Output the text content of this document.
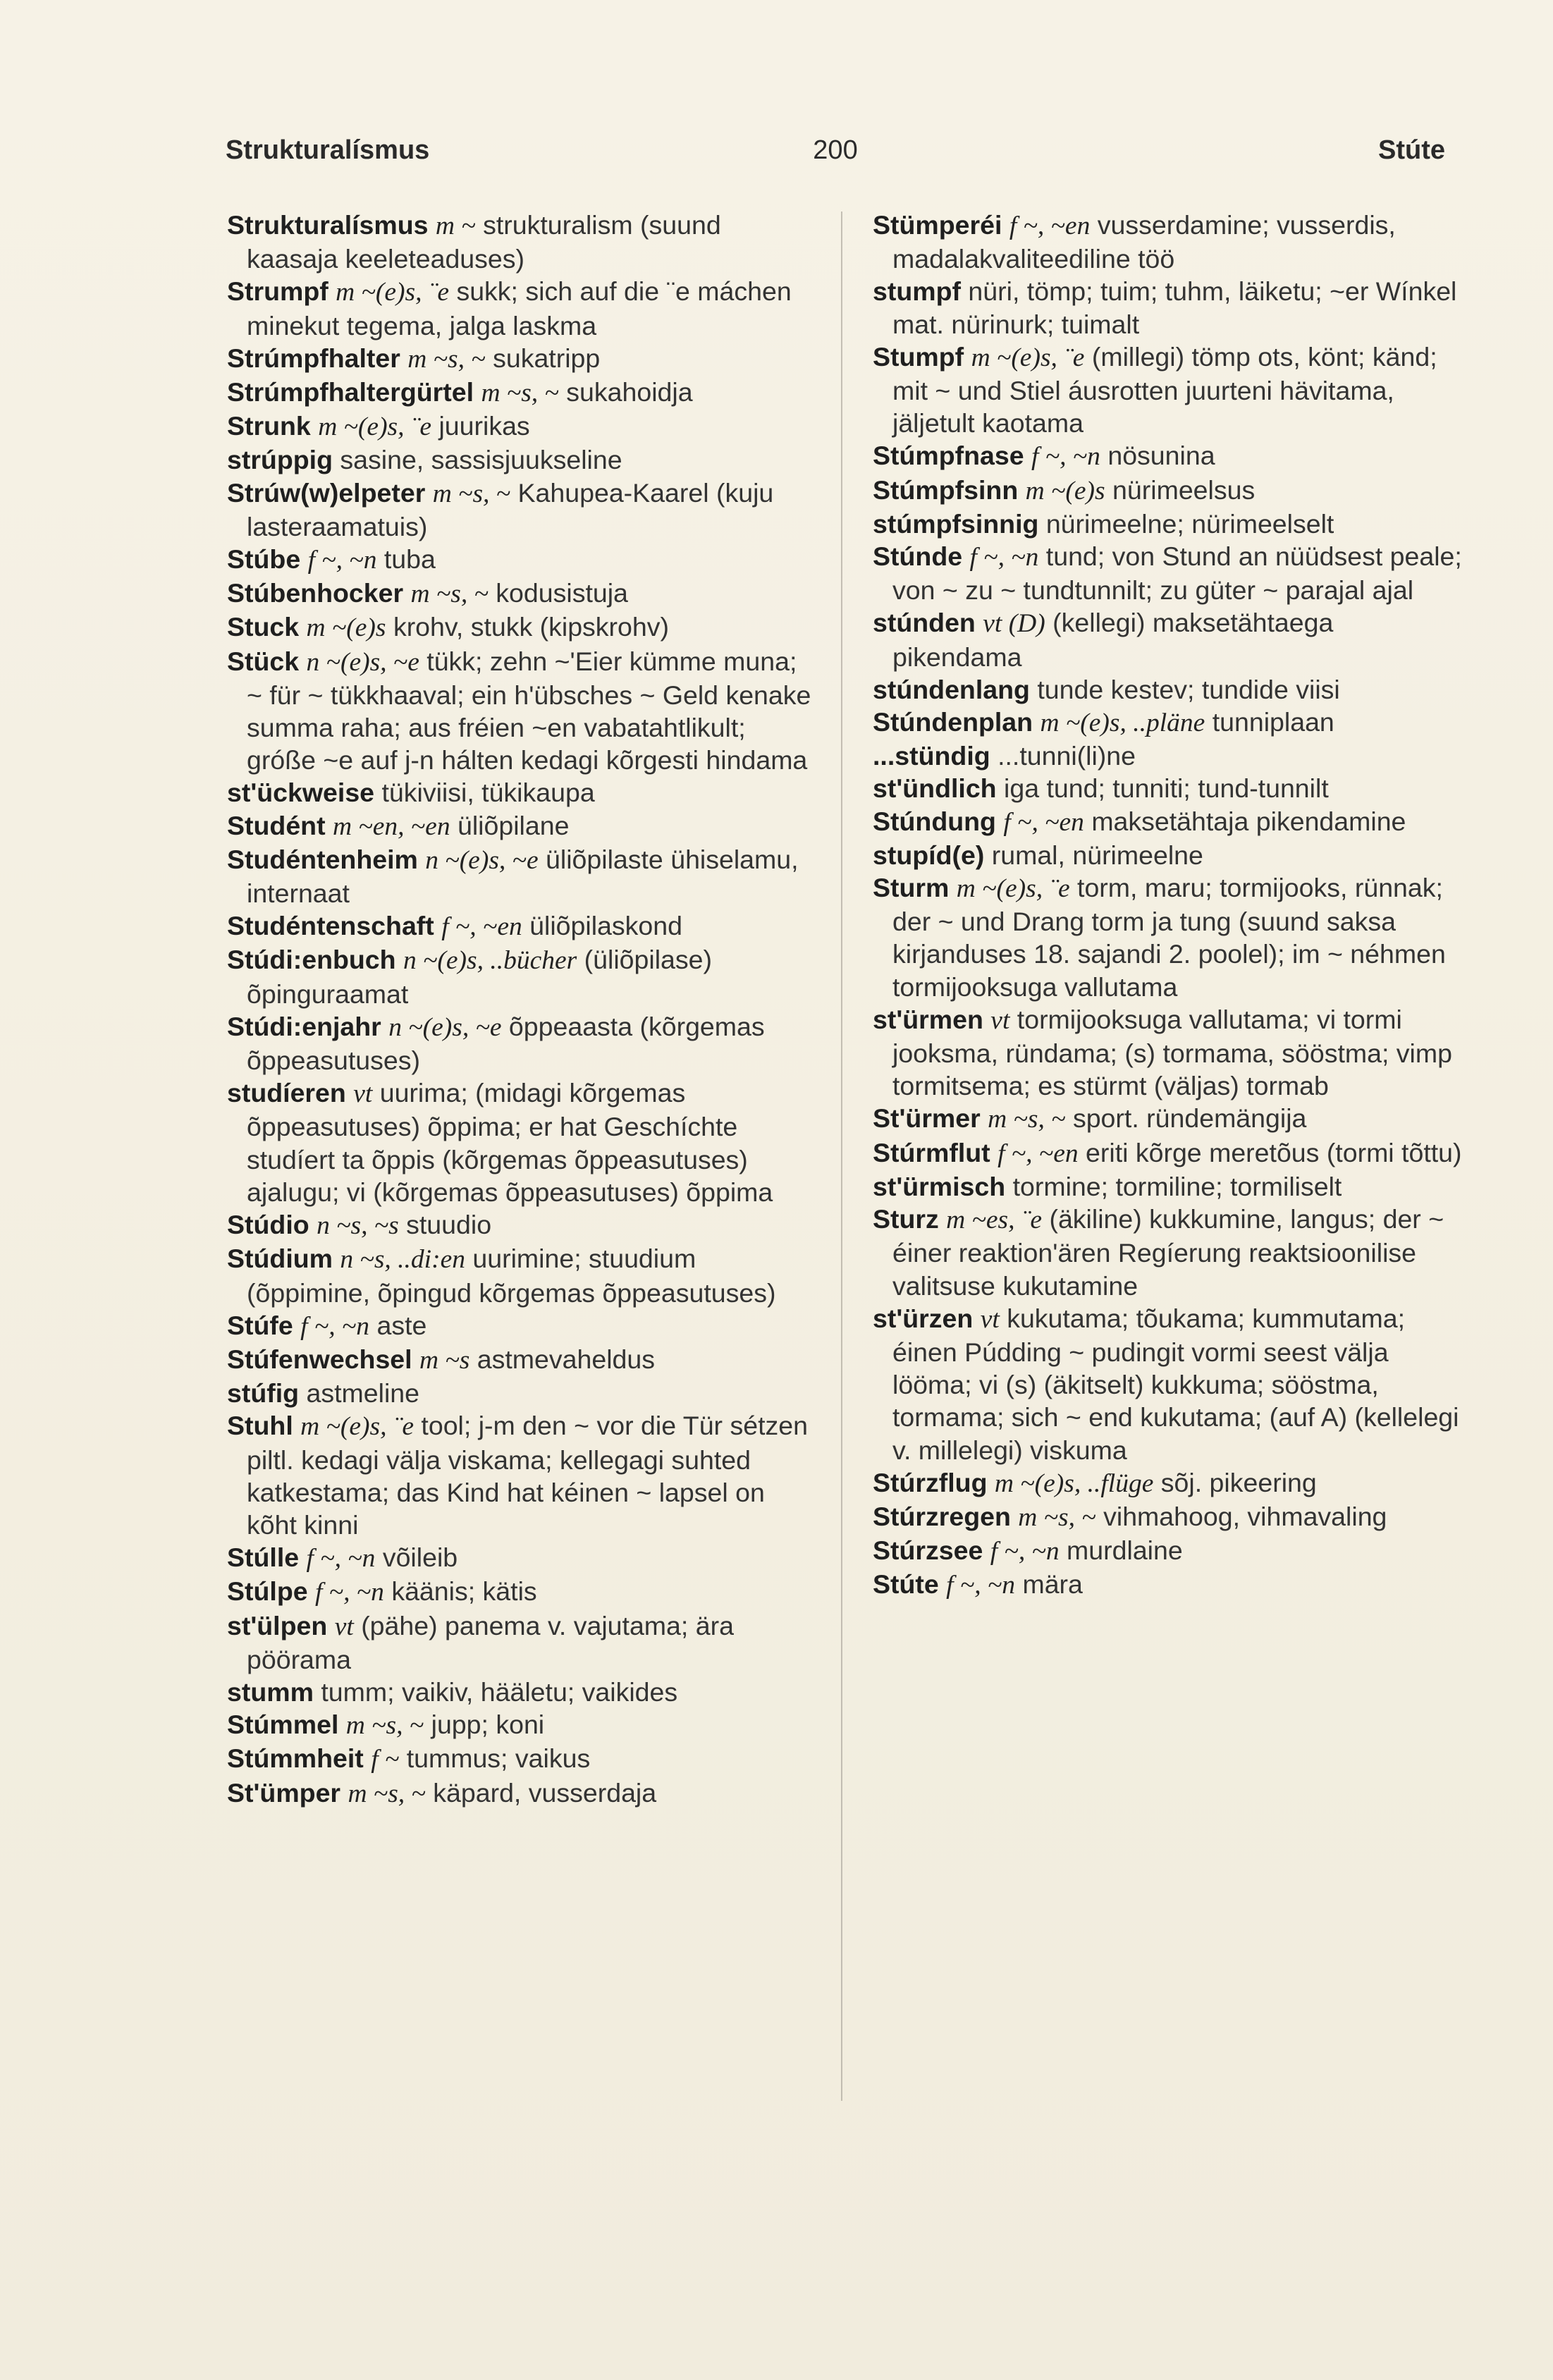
Strukturalísmus	200	Stúte

Strukturalísmus m ~ strukturalism (suund kaasaja keeleteaduses)

Strumpf m ~(e)s, ¨e sukk; sich auf die ¨e máchen minekut tegema, jalga laskma

Strúmpfhalter m ~s, ~ sukatripp

Strúmpfhaltergürtel m ~s, ~ sukahoidja

Strunk m ~(e)s, ¨e juurikas

strúppig sasine, sassisjuukseline

Strúw(w)elpeter m ~s, ~ Kahupea-Kaarel (kuju lasteraamatuis)

Stúbe f ~, ~n tuba

Stúbenhocker m ~s, ~ kodusistuja

Stuck m ~(e)s krohv, stukk (kipskrohv)

Stück n ~(e)s, ~e tükk; zehn ~'Eier kümme muna; ~ für ~ tükkhaaval; ein h'übsches ~ Geld kenake summa raha; aus fréien ~en vabatahtlikult; gróße ~e auf j-n hálten kedagi kõrgesti hindama

st'ückweise tükiviisi, tükikaupa

Studént m ~en, ~en üliõpilane

Studéntenheim n ~(e)s, ~e üliõpilaste ühiselamu, internaat

Studéntenschaft f ~, ~en üliõpilaskond

Stúdi:enbuch n ~(e)s, ..bücher (üliõpilase) õpinguraamat

Stúdi:enjahr n ~(e)s, ~e õppeaasta (kõrgemas õppeasutuses)

studíeren vt uurima; (midagi kõrgemas õppeasutuses) õppima; er hat Geschíchte studíert ta õppis (kõrgemas õppeasutuses) ajalugu; vi (kõrgemas õppeasutuses) õppima

Stúdio n ~s, ~s stuudio

Stúdium n ~s, ..di:en uurimine; stuudium (õppimine, õpingud kõrgemas õppeasutuses)

Stúfe f ~, ~n aste

Stúfenwechsel m ~s astmevaheldus

stúfig astmeline

Stuhl m ~(e)s, ¨e tool; j-m den ~ vor die Tür sétzen piltl. kedagi välja viskama; kellegagi suhted katkestama; das Kind hat kéinen ~ lapsel on kõht kinni

Stúlle f ~, ~n võileib

Stúlpe f ~, ~n käänis; kätis

st'ülpen vt (pähe) panema v. vajutama; ära pöörama

stumm tumm; vaikiv, hääletu; vaikides

Stúmmel m ~s, ~ jupp; koni

Stúmmheit f ~ tummus; vaikus

St'ümper m ~s, ~ käpard, vusserdaja

Stümperéi f ~, ~en vusserdamine; vusserdis, madalakvaliteediline töö

stumpf nüri, tömp; tuim; tuhm, läiketu; ~er Wínkel mat. nürinurk; tuimalt

Stumpf m ~(e)s, ¨e (millegi) tömp ots, könt; känd; mit ~ und Stiel áusrotten juurteni hävitama, jäljetult kaotama

Stúmpfnase f ~, ~n nösunina

Stúmpfsinn m ~(e)s nürimeelsus

stúmpfsinnig nürimeelne; nürimeelselt

Stúnde f ~, ~n tund; von Stund an nüüdsest peale; von ~ zu ~ tundtunnilt; zu güter ~ parajal ajal

stúnden vt (D) (kellegi) maksetähtaega pikendama

stúndenlang tunde kestev; tundide viisi

Stúndenplan m ~(e)s, ..pläne tunniplaan

...stündig ...tunni(li)ne

st'ündlich iga tund; tunniti; tund-tunnilt

Stúndung f ~, ~en maksetähtaja pikendamine

stupíd(e) rumal, nürimeelne

Sturm m ~(e)s, ¨e torm, maru; tormijooks, rünnak; der ~ und Drang torm ja tung (suund saksa kirjanduses 18. sajandi 2. poolel); im ~ néhmen tormijooksuga vallutama

st'ürmen vt tormijooksuga vallutama; vi tormi jooksma, ründama; (s) tormama, sööstma; vimp tormitsema; es stürmt (väljas) tormab

St'ürmer m ~s, ~ sport. ründemängija

Stúrmflut f ~, ~en eriti kõrge meretõus (tormi tõttu)

st'ürmisch tormine; tormiline; tormiliselt

Sturz m ~es, ¨e (äkiline) kukkumine, langus; der ~ éiner reaktion'ären Regíerung reaktsioonilise valitsuse kukutamine

st'ürzen vt kukutama; tõukama; kummutama; éinen Púdding ~ pudingit vormi seest välja lööma; vi (s) (äkitselt) kukkuma; sööstma, tormama; sich ~ end kukutama; (auf A) (kellelegi v. millelegi) viskuma

Stúrzflug m ~(e)s, ..flüge sõj. pikeering

Stúrzregen m ~s, ~ vihmahoog, vihmavaling

Stúrzsee f ~, ~n murdlaine

Stúte f ~, ~n mära
